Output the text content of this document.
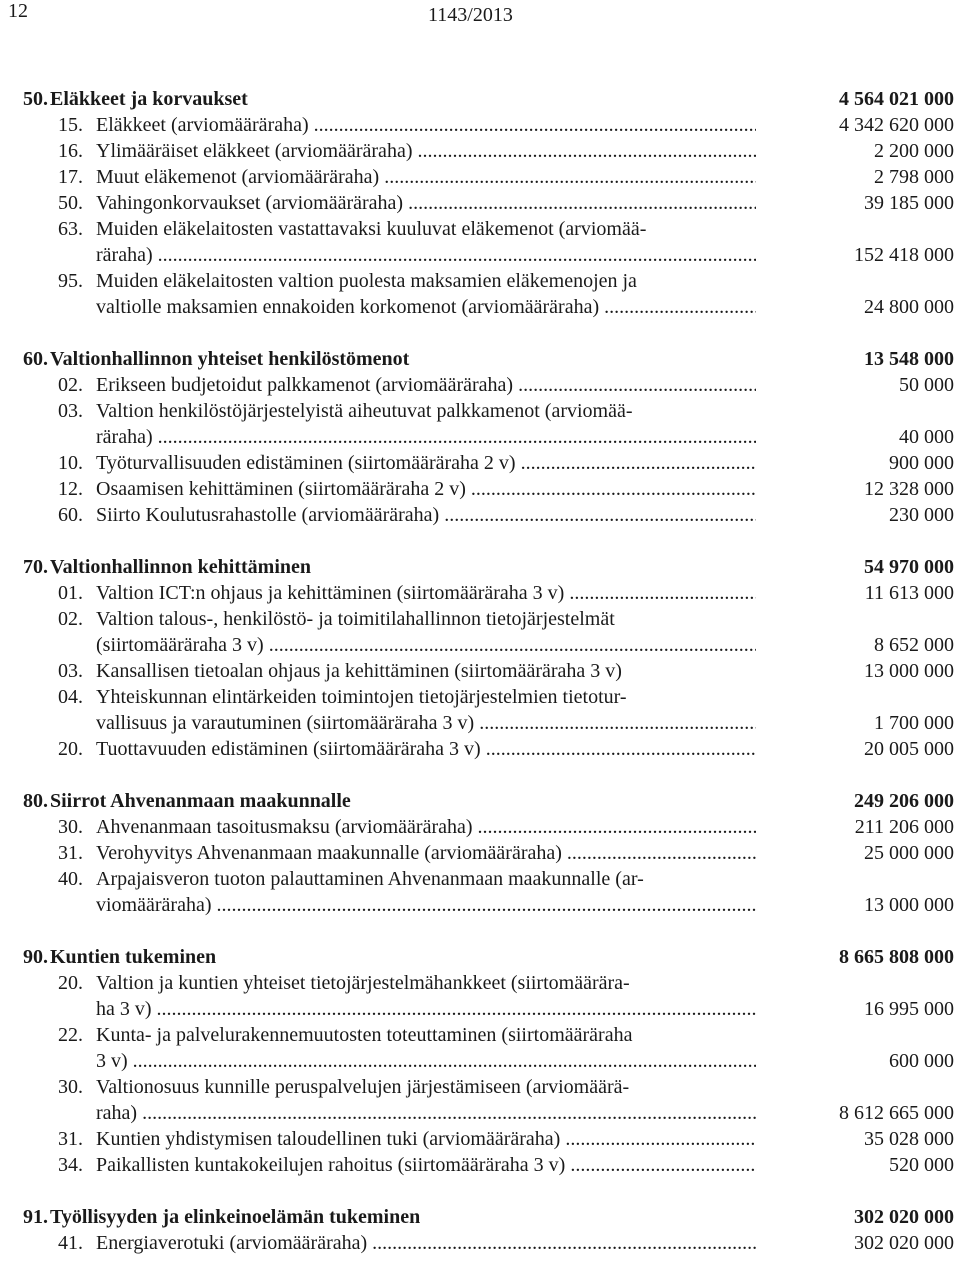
12	1143/2013
50. Eläkkeet ja korvaukset	4 564 021 000
15. Eläkkeet (arviomääräraha) .....	4 342 620 000
16. Ylimääräiset eläkkeet (arviomääräraha) .....	2 200 000
17. Muut eläkemenot (arviomääräraha) .....	2 798 000
50. Vahingonkorvaukset (arviomääräraha) .....	39 185 000
63. Muiden eläkelaitosten vastattavaksi kuuluvat eläkemenot (arviomää-
räraha) .....	152 418 000
95. Muiden eläkelaitosten valtion puolesta maksamien eläkemenojen ja
valtiolle maksamien ennakoiden korkomenot (arviomääräraha) .....	24 800 000
60. Valtionhallinnon yhteiset henkilöstömenot	13 548 000
02. Erikseen budjetoidut palkkamenot (arviomääräraha) .....	50 000
03. Valtion henkilöstöjärjestelyistä aiheutuvat palkkamenot (arviomää-
räraha) .....	40 000
10. Työturvallisuuden edistäminen (siirtomääräraha 2 v) .....	900 000
12. Osaamisen kehittäminen (siirtomääräraha 2 v) .....	12 328 000
60. Siirto Koulutusrahastolle (arviomääräraha) .....	230 000
70. Valtionhallinnon kehittäminen	54 970 000
01. Valtion ICT:n ohjaus ja kehittäminen (siirtomääräraha 3 v) .....	11 613 000
02. Valtion talous-, henkilöstö- ja toimitilahallinnon tietojärjestelmät
(siirtomääräraha 3 v) .....	8 652 000
03. Kansallisen tietoalan ohjaus ja kehittäminen (siirtomääräraha 3 v)	13 000 000
04. Yhteiskunnan elintärkeiden toimintojen tietojärjestelmien tietotur-
vallisuus ja varautuminen (siirtomääräraha 3 v) .....	1 700 000
20. Tuottavuuden edistäminen (siirtomääräraha 3 v) .....	20 005 000
80. Siirrot Ahvenanmaan maakunnalle	249 206 000
30. Ahvenanmaan tasoitusmaksu (arviomääräraha) .....	211 206 000
31. Verohyvitys Ahvenanmaan maakunnalle (arviomääräraha) .....	25 000 000
40. Arpajaisveron tuoton palauttaminen Ahvenanmaan maakunnalle (ar-
viomääräraha) .....	13 000 000
90. Kuntien tukeminen	8 665 808 000
20. Valtion ja kuntien yhteiset tietojärjestelmähankkeet (siirtomäärära-
ha 3 v) .....	16 995 000
22. Kunta- ja palvelurakennemuutosten toteuttaminen (siirtomääräraha
3 v) .....	600 000
30. Valtionosuus kunnille peruspalvelujen järjestämiseen (arviomäärä-
raha) .....	8 612 665 000
31. Kuntien yhdistymisen taloudellinen tuki (arviomääräraha) .....	35 028 000
34. Paikallisten kuntakokeilujen rahoitus (siirtomääräraha 3 v) .....	520 000
91. Työllisyyden ja elinkeinoelämän tukeminen	302 020 000
41. Energiaverotuki (arviomääräraha) .....	302 020 000
